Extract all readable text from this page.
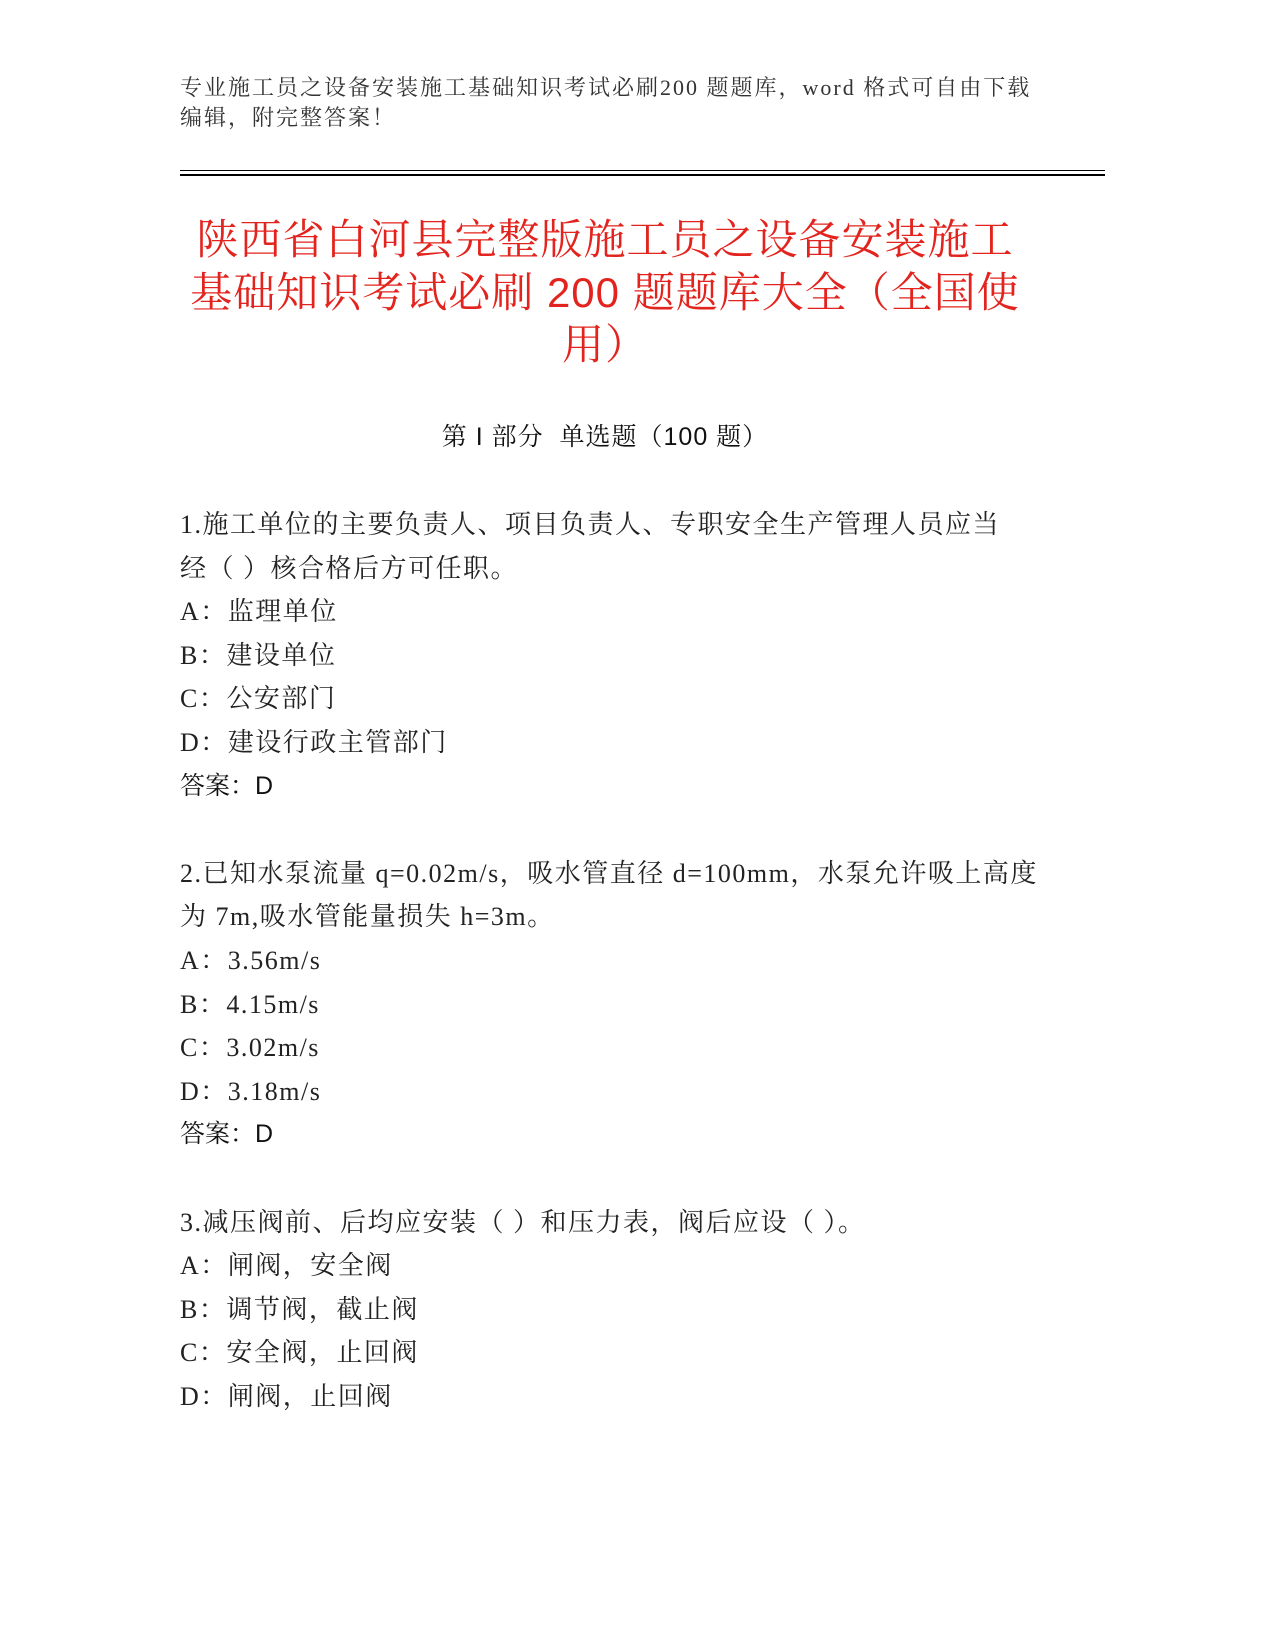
专业施工员之设备安装施工基础知识考试必刷200 题题库，word 格式可自由下载
编辑，附完整答案！
陕西省白河县完整版施工员之设备安装施工
基础知识考试必刷 200 题题库大全（全国使
用）
第 I 部分  单选题（100 题）
1.施工单位的主要负责人、项目负责人、专职安全生产管理人员应当
经（ ）核合格后方可任职。
A：监理单位
B：建设单位
C：公安部门
D：建设行政主管部门
答案：D
2.已知水泵流量 q=0.02m/s，吸水管直径 d=100mm，水泵允许吸上高度
为 7m,吸水管能量损失 h=3m。
A：3.56m/s
B：4.15m/s
C：3.02m/s
D：3.18m/s
答案：D
3.减压阀前、后均应安装（ ）和压力表，阀后应设（ ）。
A：闸阀，安全阀
B：调节阀，截止阀
C：安全阀，止回阀
D：闸阀，止回阀
